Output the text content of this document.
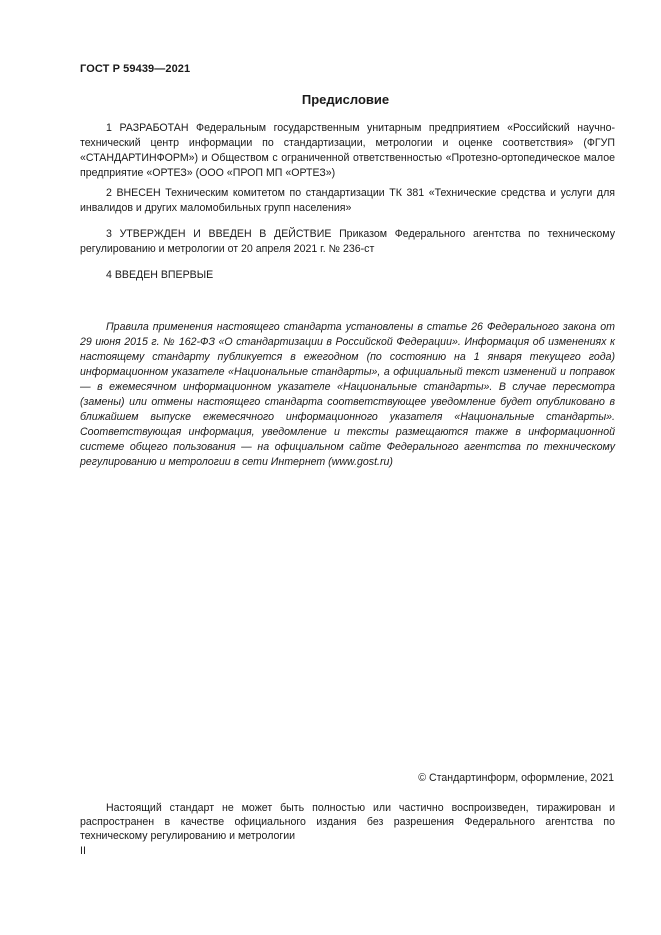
ГОСТ Р 59439—2021
Предисловие

1 РАЗРАБОТАН Федеральным государственным унитарным предприятием «Российский научно-технический центр информации по стандартизации, метрологии и оценке соответствия» (ФГУП «СТАНДАРТИНФОРМ») и Обществом с ограниченной ответственностью «Протезно-ортопедическое малое предприятие «ОРТЕЗ» (ООО «ПРОП МП «ОРТЕЗ»)

2 ВНЕСЕН Техническим комитетом по стандартизации ТК 381 «Технические средства и услуги для инвалидов и других маломобильных групп населения»

3 УТВЕРЖДЕН И ВВЕДЕН В ДЕЙСТВИЕ Приказом Федерального агентства по техническому регулированию и метрологии от 20 апреля 2021 г. № 236-ст

4 ВВЕДЕН ВПЕРВЫЕ

Правила применения настоящего стандарта установлены в статье 26 Федерального закона от 29 июня 2015 г. № 162-ФЗ «О стандартизации в Российской Федерации». Информация об изменениях к настоящему стандарту публикуется в ежегодном (по состоянию на 1 января текущего года) информационном указателе «Национальные стандарты», а официальный текст изменений и поправок — в ежемесячном информационном указателе «Национальные стандарты». В случае пересмотра (замены) или отмены настоящего стандарта соответствующее уведомление будет опубликовано в ближайшем выпуске ежемесячного информационного указателя «Национальные стандарты». Соответствующая информация, уведомление и тексты размещаются также в информационной системе общего пользования — на официальном сайте Федерального агентства по техническому регулированию и метрологии в сети Интернет (www.gost.ru)

© Стандартинформ, оформление, 2021

Настоящий стандарт не может быть полностью или частично воспроизведен, тиражирован и распространен в качестве официального издания без разрешения Федерального агентства по техническому регулированию и метрологии

II
